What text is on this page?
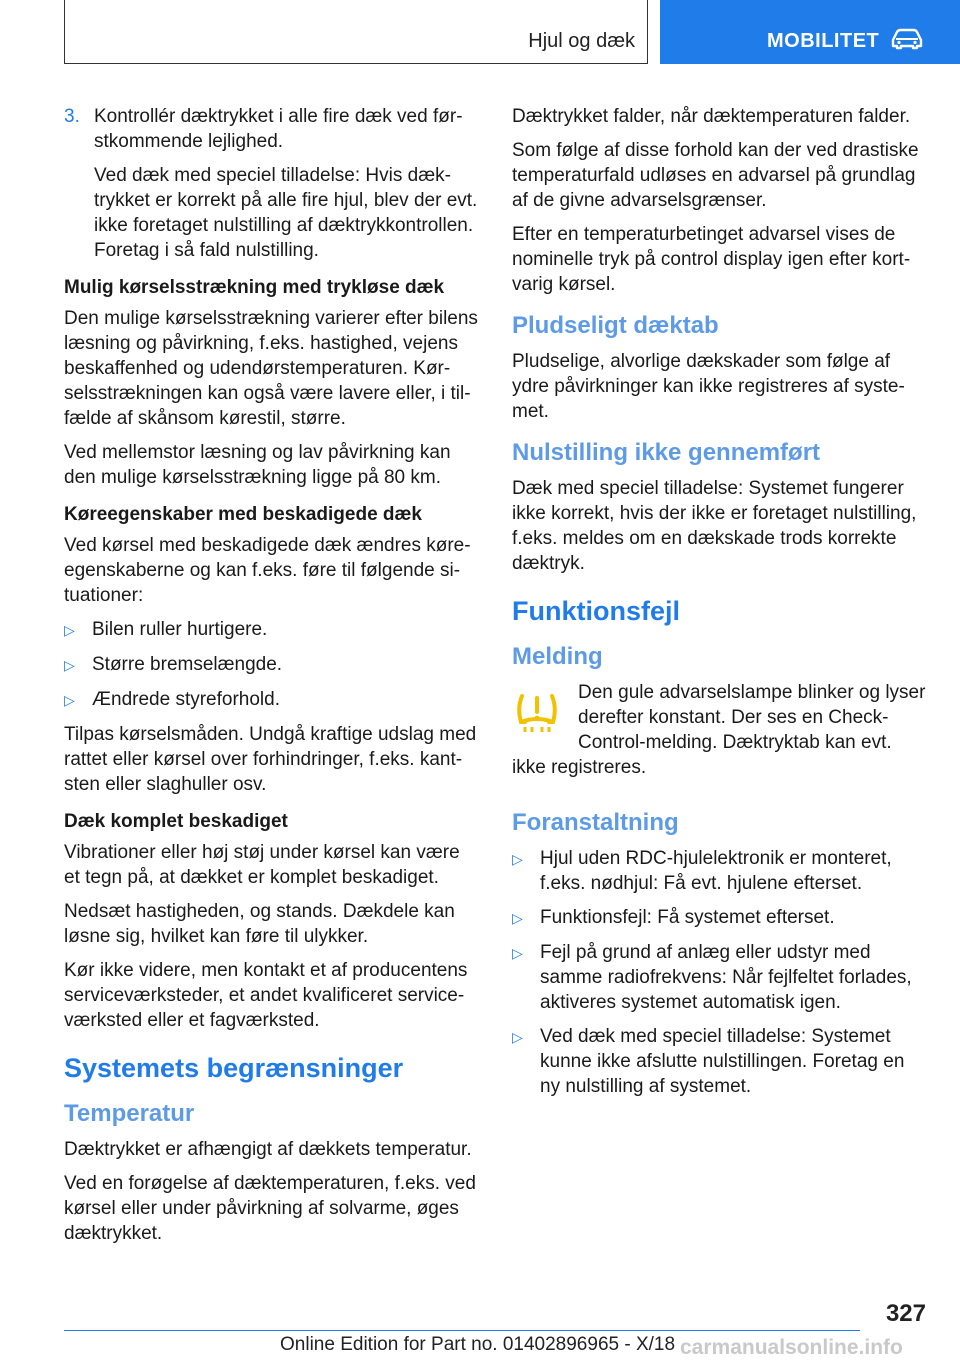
Hjul og dæk	MOBILITET
3. Kontrollér dæktrykket i alle fire dæk ved førstkommende lejlighed.

Ved dæk med speciel tilladelse: Hvis dæktrykket er korrekt på alle fire hjul, blev der evt. ikke foretaget nulstilling af dæktrykkontrollen. Foretag i så fald nulstilling.

Mulig kørselsstrækning med trykløse dæk

Den mulige kørselsstrækning varierer efter bilens læsning og påvirkning, f.eks. hastighed, vejens beskaffenhed og udendørstemperaturen. Kørselsstrækningen kan også være lavere eller, i tilfælde af skånsom kørestil, større.

Ved mellemstor læsning og lav påvirkning kan den mulige kørselsstrækning ligge på 80 km.

Køreegenskaber med beskadigede dæk

Ved kørsel med beskadigede dæk ændres køreegenskaberne og kan f.eks. føre til følgende situationer:

▷ Bilen ruller hurtigere.
▷ Større bremselængde.
▷ Ændrede styreforhold.

Tilpas kørselsmåden. Undgå kraftige udslag med rattet eller kørsel over forhindringer, f.eks. kantsten eller slaghuller osv.

Dæk komplet beskadiget

Vibrationer eller høj støj under kørsel kan være et tegn på, at dækket er komplet beskadiget.

Nedsæt hastigheden, og stands. Dækdele kan løsne sig, hvilket kan føre til ulykker.

Kør ikke videre, men kontakt et af producentens serviceværksteder, et andet kvalificeret serviceværksted eller et fagværksted.

Systemets begrænsninger
Temperatur

Dæktrykket er afhængigt af dækkets temperatur.

Ved en forøgelse af dæktemperaturen, f.eks. ved kørsel eller under påvirkning af solvarme, øges dæktrykket.

Dæktrykket falder, når dæktemperaturen falder.

Som følge af disse forhold kan der ved drastiske temperaturfald udløses en advarsel på grundlag af de givne advarselsgrænser.

Efter en temperaturbetinget advarsel vises de nominelle tryk på control display igen efter kortvarig kørsel.

Pludseligt dæktab

Pludselige, alvorlige dækskader som følge af ydre påvirkninger kan ikke registreres af systemet.

Nulstilling ikke gennemført

Dæk med speciel tilladelse: Systemet fungerer ikke korrekt, hvis der ikke er foretaget nulstilling, f.eks. meldes om en dækskade trods korrekte dæktryk.

Funktionsfejl
Melding

Den gule advarselslampe blinker og lyser derefter konstant. Der ses en Check-Control-melding. Dæktryktab kan evt. ikke registreres.

Foranstaltning
▷ Hjul uden RDC-hjulelektronik er monteret, f.eks. nødhjul: Få evt. hjulene efterset.
▷ Funktionsfejl: Få systemet efterset.
▷ Fejl på grund af anlæg eller udstyr med samme radiofrekvens: Når fejlfeltet forlades, aktiveres systemet automatisk igen.
▷ Ved dæk med speciel tilladelse: Systemet kunne ikke afslutte nulstillingen. Foretag en ny nulstilling af systemet.
327
Online Edition for Part no. 01402896965 - X/18 carmanualsonline.info
